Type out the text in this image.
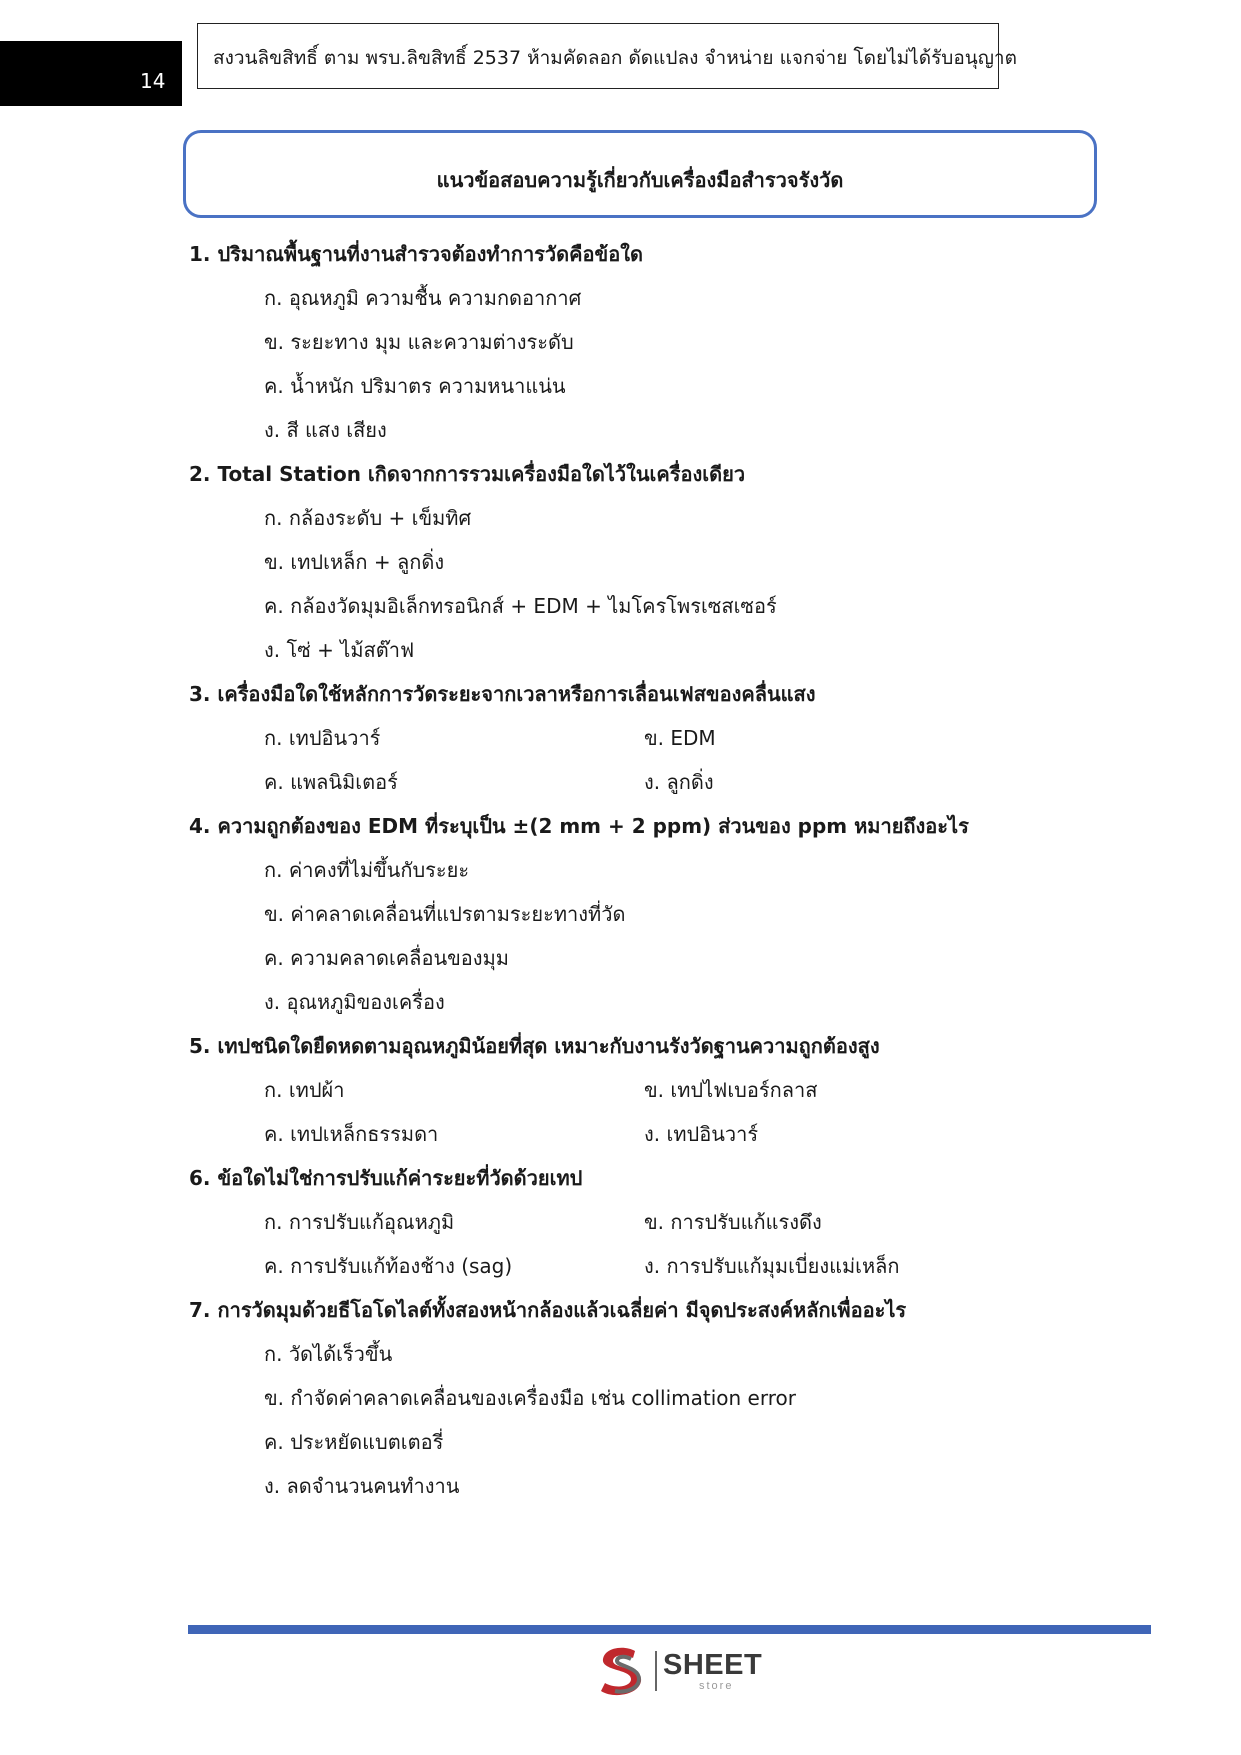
14
สงวนลิขสิทธิ์ ตาม พรบ.ลิขสิทธิ์ 2537 ห้ามคัดลอก ดัดแปลง จำหน่าย แจกจ่าย โดยไม่ได้รับอนุญาต
แนวข้อสอบความรู้เกี่ยวกับเครื่องมือสำรวจรังวัด
1. ปริมาณพื้นฐานที่งานสำรวจต้องทำการวัดคือข้อใด
ก. อุณหภูมิ ความชื้น ความกดอากาศ
ข. ระยะทาง มุม และความต่างระดับ
ค. น้ำหนัก ปริมาตร ความหนาแน่น
ง. สี แสง เสียง
2. Total Station เกิดจากการรวมเครื่องมือใดไว้ในเครื่องเดียว
ก. กล้องระดับ + เข็มทิศ
ข. เทปเหล็ก + ลูกดิ่ง
ค. กล้องวัดมุมอิเล็กทรอนิกส์ + EDM + ไมโครโพรเซสเซอร์
ง. โซ่ + ไม้สต๊าฟ
3. เครื่องมือใดใช้หลักการวัดระยะจากเวลาหรือการเลื่อนเฟสของคลื่นแสง
ก. เทปอินวาร์	ข. EDM
ค. แพลนิมิเตอร์	ง. ลูกดิ่ง
4. ความถูกต้องของ EDM ที่ระบุเป็น ±(2 mm + 2 ppm) ส่วนของ ppm หมายถึงอะไร
ก. ค่าคงที่ไม่ขึ้นกับระยะ
ข. ค่าคลาดเคลื่อนที่แปรตามระยะทางที่วัด
ค. ความคลาดเคลื่อนของมุม
ง. อุณหภูมิของเครื่อง
5. เทปชนิดใดยืดหดตามอุณหภูมิน้อยที่สุด เหมาะกับงานรังวัดฐานความถูกต้องสูง
ก. เทปผ้า	ข. เทปไฟเบอร์กลาส
ค. เทปเหล็กธรรมดา	ง. เทปอินวาร์
6. ข้อใดไม่ใช่การปรับแก้ค่าระยะที่วัดด้วยเทป
ก. การปรับแก้อุณหภูมิ	ข. การปรับแก้แรงดึง
ค. การปรับแก้ท้องช้าง (sag)	ง. การปรับแก้มุมเบี่ยงแม่เหล็ก
7. การวัดมุมด้วยธีโอโดไลต์ทั้งสองหน้ากล้องแล้วเฉลี่ยค่า มีจุดประสงค์หลักเพื่ออะไร
ก. วัดได้เร็วขึ้น
ข. กำจัดค่าคลาดเคลื่อนของเครื่องมือ เช่น collimation error
ค. ประหยัดแบตเตอรี่
ง. ลดจำนวนคนทำงาน
SHEET
store
